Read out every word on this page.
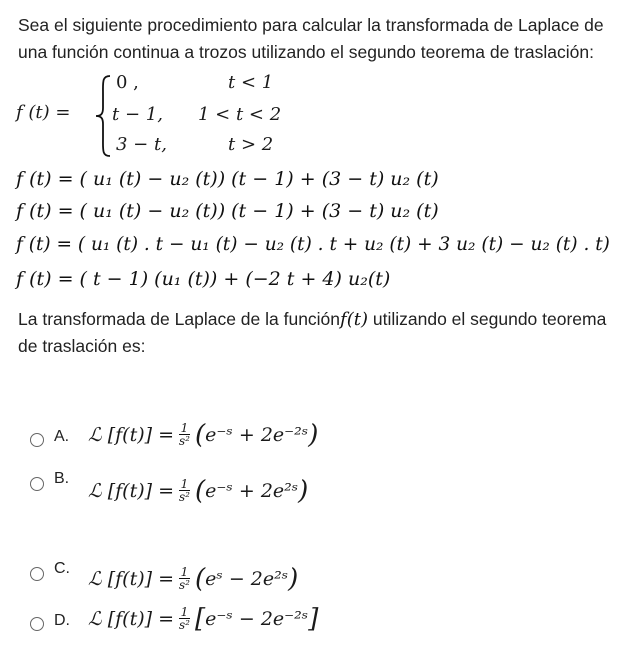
Sea el siguiente procedimiento para calcular la transformada de Laplace de una función continua a trozos utilizando el segundo teorema de traslación:
f (t) =
0 ,	t < 1
t − 1, 1 < t < 2
3 − t,	t > 2
f (t) = ( u₁ (t) − u₂ (t)) (t − 1) + (3 − t) u₂ (t)
f (t) = ( u₁ (t) − u₂ (t)) (t − 1) + (3 − t) u₂ (t)
f (t) = ( u₁ (t) . t − u₁ (t) − u₂ (t) . t + u₂ (t) + 3 u₂ (t) − u₂ (t) . t)
f (t) = ( t − 1) (u₁ (t)) + (−2 t + 4) u₂(t)
La transformada de Laplace de la funciónf(t) utilizando el segundo teorema de traslación es:
A. ℒ $[f(t)] = \frac{1}{\text{s²}}$ ( e⁻ˢ + 2e⁻²ˢ )
B.
ℒ $[f(t)] = \frac{1}{\text{s²}}$ ( e⁻ˢ + 2e²ˢ )
C. ℒ $[f(t)] = \frac{1}{\text{s²}}$ ( eˢ − 2e²ˢ )
D. ℒ $[f(t)] = \frac{1}{\text{s²}}$ [ e⁻ˢ − 2e⁻²ˢ ]
